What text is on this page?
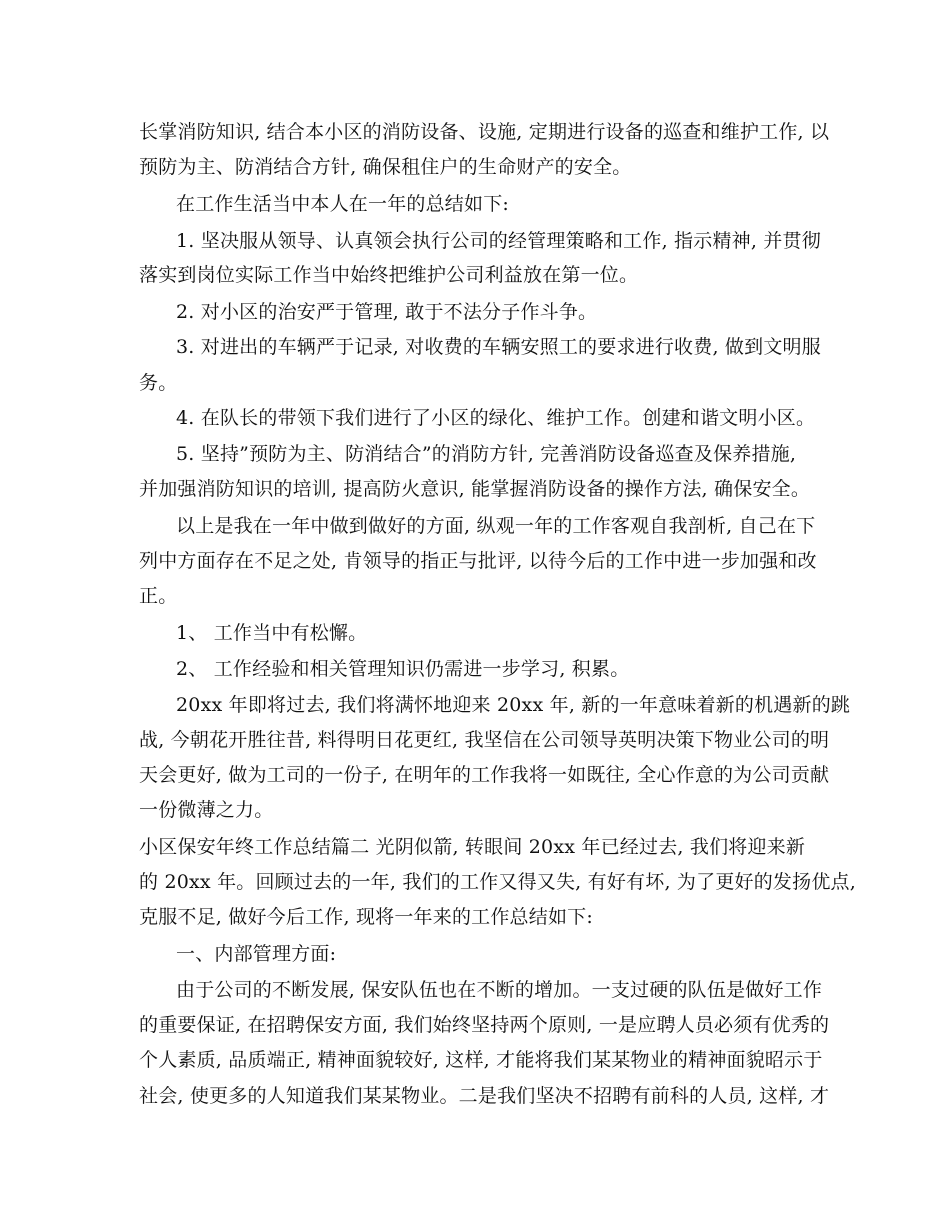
长掌消防知识, 结合本小区的消防设备、设施, 定期进行设备的巡查和维护工作, 以
预防为主、防消结合方针, 确保租住户的生命财产的安全。
在工作生活当中本人在一年的总结如下:
1. 坚决服从领导、认真领会执行公司的经管理策略和工作, 指示精神, 并贯彻
落实到岗位实际工作当中始终把维护公司利益放在第一位。
2. 对小区的治安严于管理, 敢于不法分子作斗争。
3. 对进出的车辆严于记录, 对收费的车辆安照工的要求进行收费, 做到文明服
务。
4. 在队长的带领下我们进行了小区的绿化、维护工作。创建和谐文明小区。
5. 坚持”预防为主、防消结合”的消防方针, 完善消防设备巡查及保养措施,
并加强消防知识的培训, 提高防火意识, 能掌握消防设备的操作方法, 确保安全。
以上是我在一年中做到做好的方面, 纵观一年的工作客观自我剖析, 自己在下
列中方面存在不足之处, 肯领导的指正与批评, 以待今后的工作中进一步加强和改
正。
1、 工作当中有松懈。
2、 工作经验和相关管理知识仍需进一步学习, 积累。
20xx 年即将过去, 我们将满怀地迎来 20xx 年, 新的一年意味着新的机遇新的跳
战, 今朝花开胜往昔, 料得明日花更红, 我坚信在公司领导英明决策下物业公司的明
天会更好, 做为工司的一份子, 在明年的工作我将一如既往, 全心作意的为公司贡献
一份微薄之力。
小区保安年终工作总结篇二 光阴似箭, 转眼间 20xx 年已经过去, 我们将迎来新
的 20xx 年。回顾过去的一年, 我们的工作又得又失, 有好有坏, 为了更好的发扬优点,
克服不足, 做好今后工作, 现将一年来的工作总结如下:
一、内部管理方面:
由于公司的不断发展, 保安队伍也在不断的增加。一支过硬的队伍是做好工作
的重要保证, 在招聘保安方面, 我们始终坚持两个原则, 一是应聘人员必须有优秀的
个人素质, 品质端正, 精神面貌较好, 这样, 才能将我们某某物业的精神面貌昭示于
社会, 使更多的人知道我们某某物业。二是我们坚决不招聘有前科的人员, 这样, 才
